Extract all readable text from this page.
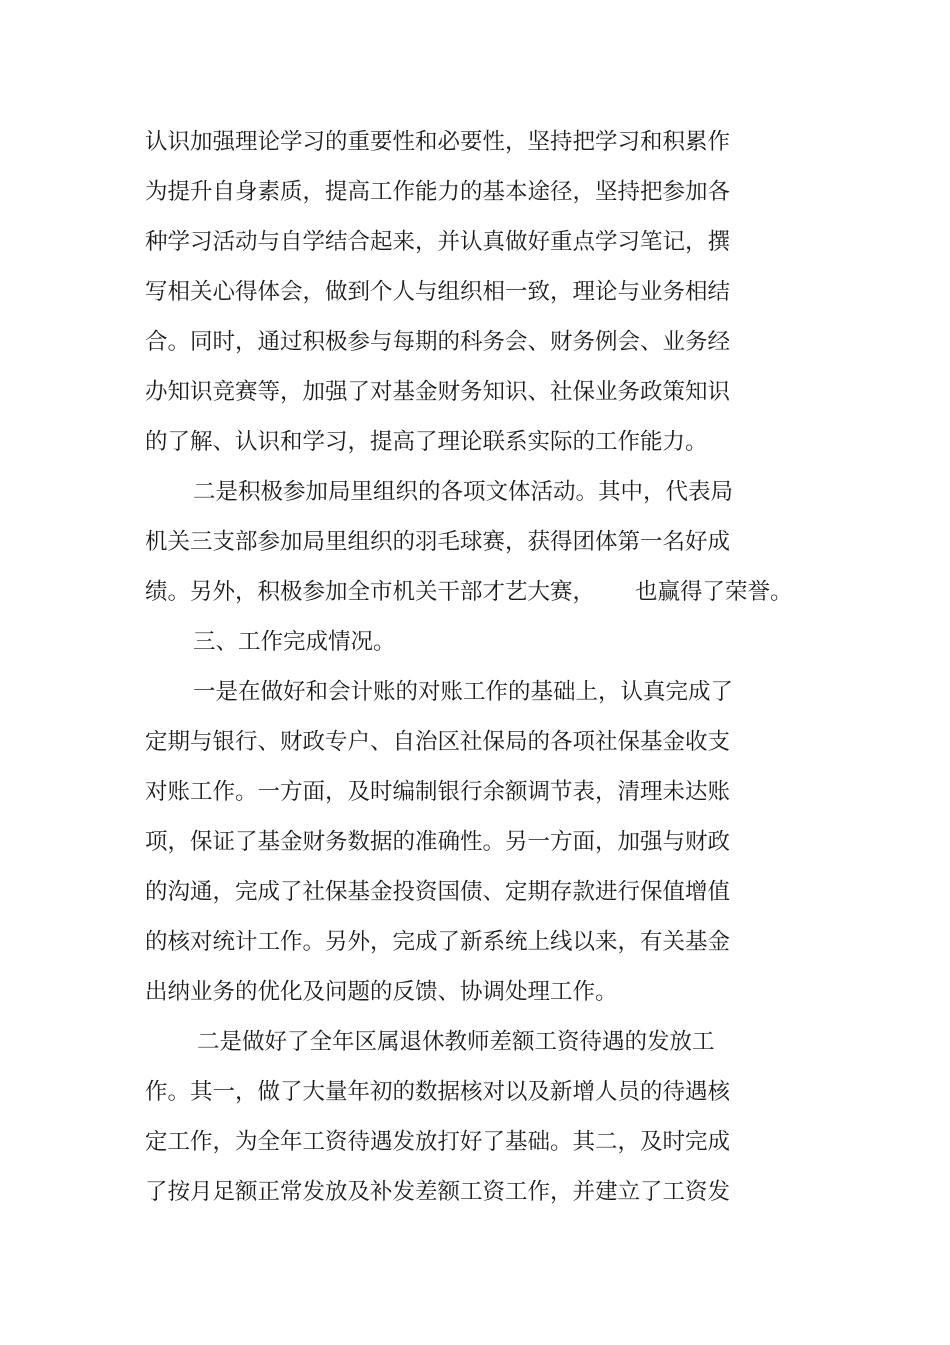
认识加强理论学习的重要性和必要性，坚持把学习和积累作

为提升自身素质，提高工作能力的基本途径，坚持把参加各

种学习活动与自学结合起来，并认真做好重点学习笔记，撰

写相关心得体会，做到个人与组织相一致，理论与业务相结

合。同时，通过积极参与每期的科务会、财务例会、业务经

办知识竞赛等，加强了对基金财务知识、社保业务政策知识

的了解、认识和学习，提高了理论联系实际的工作能力。

二是积极参加局里组织的各项文体活动。其中，代表局

机关三支部参加局里组织的羽毛球赛，获得团体第一名好成

绩。另外，积极参加全市机关干部才艺大赛， 也赢得了荣誉。

三、工作完成情况。

一是在做好和会计账的对账工作的基础上，认真完成了

定期与银行、财政专户、自治区社保局的各项社保基金收支

对账工作。一方面，及时编制银行余额调节表，清理未达账

项，保证了基金财务数据的准确性。另一方面，加强与财政

的沟通，完成了社保基金投资国债、定期存款进行保值增值

的核对统计工作。另外，完成了新系统上线以来，有关基金

出纳业务的优化及问题的反馈、协调处理工作。

二是做好了全年区属退休教师差额工资待遇的发放工

作。其一，做了大量年初的数据核对以及新增人员的待遇核

定工作，为全年工资待遇发放打好了基础。其二，及时完成

了按月足额正常发放及补发差额工资工作，并建立了工资发
